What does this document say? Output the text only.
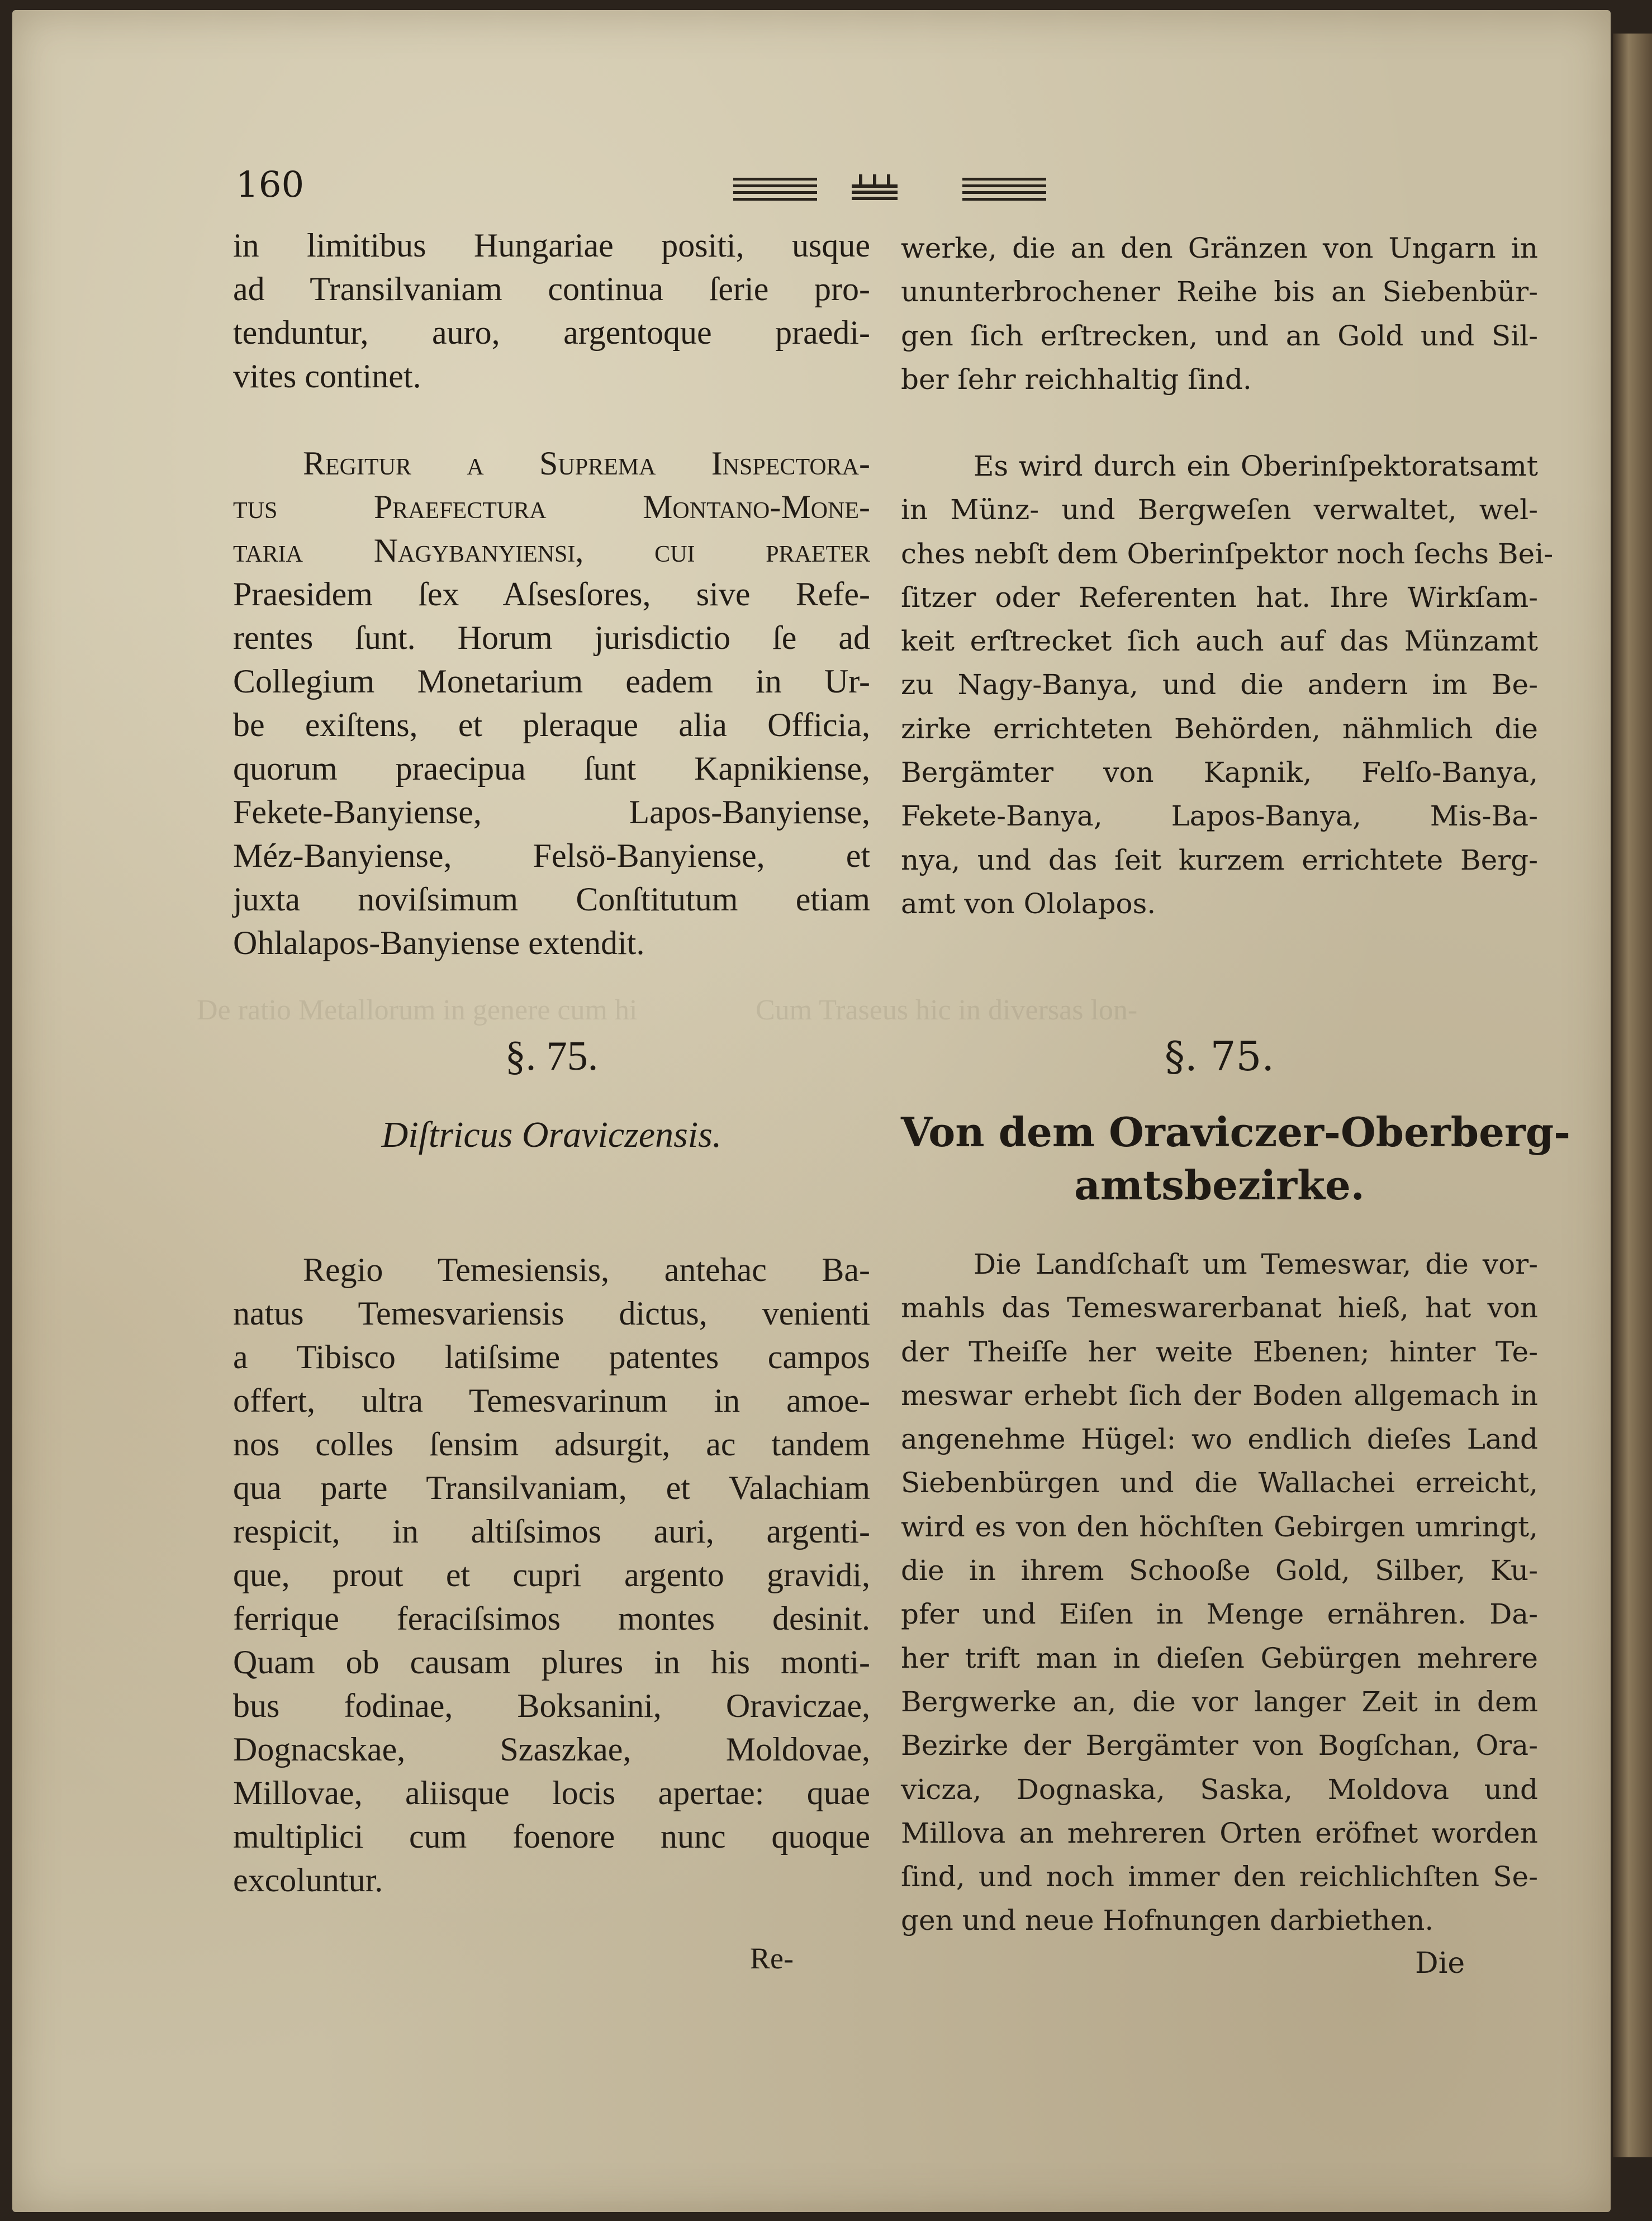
Cum Traseus hic in diversas lon-
De ratio Metallorum in genere cum hi
160

in limitibus Hungariae positi, usque
ad Transilvaniam continua ſerie pro-
tenduntur, auro, argentoque praedi-
vites continet.

Regitur a Suprema Inspectora-
tus Praefectura Montano-Mone-
taria Nagybanyiensi, cui praeter
Praesidem ſex Aſsesſores, sive Refe-
rentes ſunt. Horum jurisdictio ſe ad
Collegium Monetarium eadem in Ur-
be exiſtens, et pleraque alia Officia,
quorum praecipua ſunt Kapnikiense,
Fekete-Banyiense, Lapos-Banyiense,
Méz-Banyiense, Felsö-Banyiense, et
juxta noviſsimum Conſtitutum etiam
Ohlalapos-Banyiense extendit.

§. 75.
Diſtricus Oraviczensis.

Regio Temesiensis, antehac Ba-
natus Temesvariensis dictus, venienti
a Tibisco latiſsime patentes campos
offert, ultra Temesvarinum in amoe-
nos colles ſensim adsurgit, ac tandem
qua parte Transilvaniam, et Valachiam
respicit, in altiſsimos auri, argenti-
que, prout et cupri argento gravidi,
ferrique feraciſsimos montes desinit.
Quam ob causam plures in his monti-
bus fodinae, Boksanini, Oraviczae,
Dognacskae, Szaszkae, Moldovae,
Millovae, aliisque locis apertae: quae
multiplici cum foenore nunc quoque
excoluntur.

Re-

werke, die an den Gränzen von Ungarn in
ununterbrochener Reihe bis an Siebenbür-
gen ſich erſtrecken, und an Gold und Sil-
ber ſehr reichhaltig ſind.

Es wird durch ein Oberinſpektoratsamt
in Münz- und Bergweſen verwaltet, wel-
ches nebſt dem Oberinſpektor noch ſechs Bei-
ſitzer oder Referenten hat. Ihre Wirkſam-
keit erſtrecket ſich auch auf das Münzamt
zu Nagy-Banya, und die andern im Be-
zirke errichteten Behörden, nähmlich die
Bergämter von Kapnik, Felſo-Banya,
Fekete-Banya, Lapos-Banya, Mis-Ba-
nya, und das ſeit kurzem errichtete Berg-
amt von Ololapos.

§. 75.
Von dem Oraviczer-Oberberg-
amtsbezirke.

Die Landſchaſt um Temeswar, die vor-
mahls das Temeswarerbanat hieß, hat von
der Theiſſe her weite Ebenen; hinter Te-
meswar erhebt ſich der Boden allgemach in
angenehme Hügel: wo endlich dieſes Land
Siebenbürgen und die Wallachei erreicht,
wird es von den höchſten Gebirgen umringt,
die in ihrem Schooße Gold, Silber, Ku-
pfer und Eiſen in Menge ernähren. Da-
her trift man in dieſen Gebürgen mehrere
Bergwerke an, die vor langer Zeit in dem
Bezirke der Bergämter von Bogſchan, Ora-
vicza, Dognaska, Saska, Moldova und
Millova an mehreren Orten eröfnet worden
ſind, und noch immer den reichlichſten Se-
gen und neue Hofnungen darbiethen.

Die
